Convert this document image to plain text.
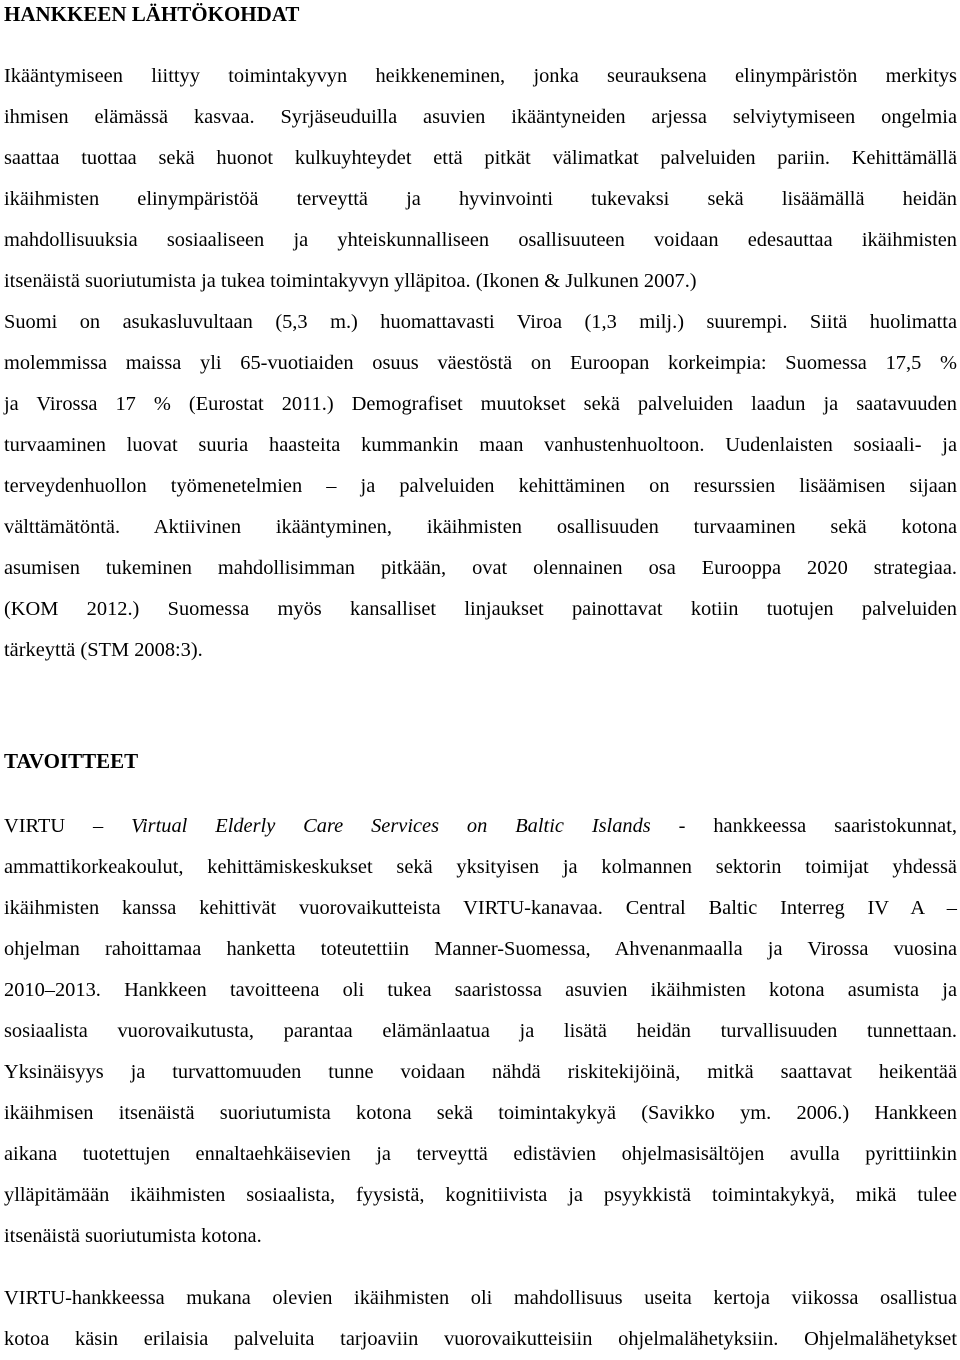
HANKKEEN LÄHTÖKOHDAT
Ikääntymiseen liittyy toimintakyvyn heikkeneminen, jonka seurauksena elinympäristön merkitys
ihmisen elämässä kasvaa. Syrjäseuduilla asuvien ikääntyneiden arjessa selviytymiseen ongelmia
saattaa tuottaa sekä huonot kulkuyhteydet että pitkät välimatkat palveluiden pariin. Kehittämällä
ikäihmisten elinympäristöä terveyttä ja hyvinvointi tukevaksi sekä lisäämällä heidän
mahdollisuuksia sosiaaliseen ja yhteiskunnalliseen osallisuuteen voidaan edesauttaa ikäihmisten
itsenäistä suoriutumista ja tukea toimintakyvyn ylläpitoa. (Ikonen & Julkunen 2007.)
Suomi on asukasluvultaan (5,3 m.) huomattavasti Viroa (1,3 milj.) suurempi. Siitä huolimatta
molemmissa maissa yli 65-vuotiaiden osuus väestöstä on Euroopan korkeimpia: Suomessa 17,5 %
ja Virossa 17 % (Eurostat 2011.) Demografiset muutokset sekä palveluiden laadun ja saatavuuden
turvaaminen luovat suuria haasteita kummankin maan vanhustenhuoltoon. Uudenlaisten sosiaali- ja
terveydenhuollon työmenetelmien – ja palveluiden kehittäminen on resurssien lisäämisen sijaan
välttämätöntä. Aktiivinen ikääntyminen, ikäihmisten osallisuuden turvaaminen sekä kotona
asumisen tukeminen mahdollisimman pitkään, ovat olennainen osa Eurooppa 2020 strategiaa.
(KOM 2012.) Suomessa myös kansalliset linjaukset painottavat kotiin tuotujen palveluiden
tärkeyttä (STM 2008:3).
TAVOITTEET
VIRTU – Virtual Elderly Care Services on Baltic Islands - hankkeessa saaristokunnat,
ammattikorkeakoulut, kehittämiskeskukset sekä yksityisen ja kolmannen sektorin toimijat yhdessä
ikäihmisten kanssa kehittivät vuorovaikutteista VIRTU-kanavaa. Central Baltic Interreg IV A –
ohjelman rahoittamaa hanketta toteutettiin Manner-Suomessa, Ahvenanmaalla ja Virossa vuosina
2010–2013. Hankkeen tavoitteena oli tukea saaristossa asuvien ikäihmisten kotona asumista ja
sosiaalista vuorovaikutusta, parantaa elämänlaatua ja lisätä heidän turvallisuuden tunnettaan.
Yksinäisyys ja turvattomuuden tunne voidaan nähdä riskitekijöinä, mitkä saattavat heikentää
ikäihmisen itsenäistä suoriutumista kotona sekä toimintakykyä (Savikko ym. 2006.) Hankkeen
aikana tuotettujen ennaltaehkäisevien ja terveyttä edistävien ohjelmasisältöjen avulla pyrittiinkin
ylläpitämään ikäihmisten sosiaalista, fyysistä, kognitiivista ja psyykkistä toimintakykyä, mikä tulee
itsenäistä suoriutumista kotona.
VIRTU-hankkeessa mukana olevien ikäihmisten oli mahdollisuus useita kertoja viikossa osallistua
kotoa käsin erilaisia palveluita tarjoaviin vuorovaikutteisiin ohjelmalähetyksiin. Ohjelmalähetykset
